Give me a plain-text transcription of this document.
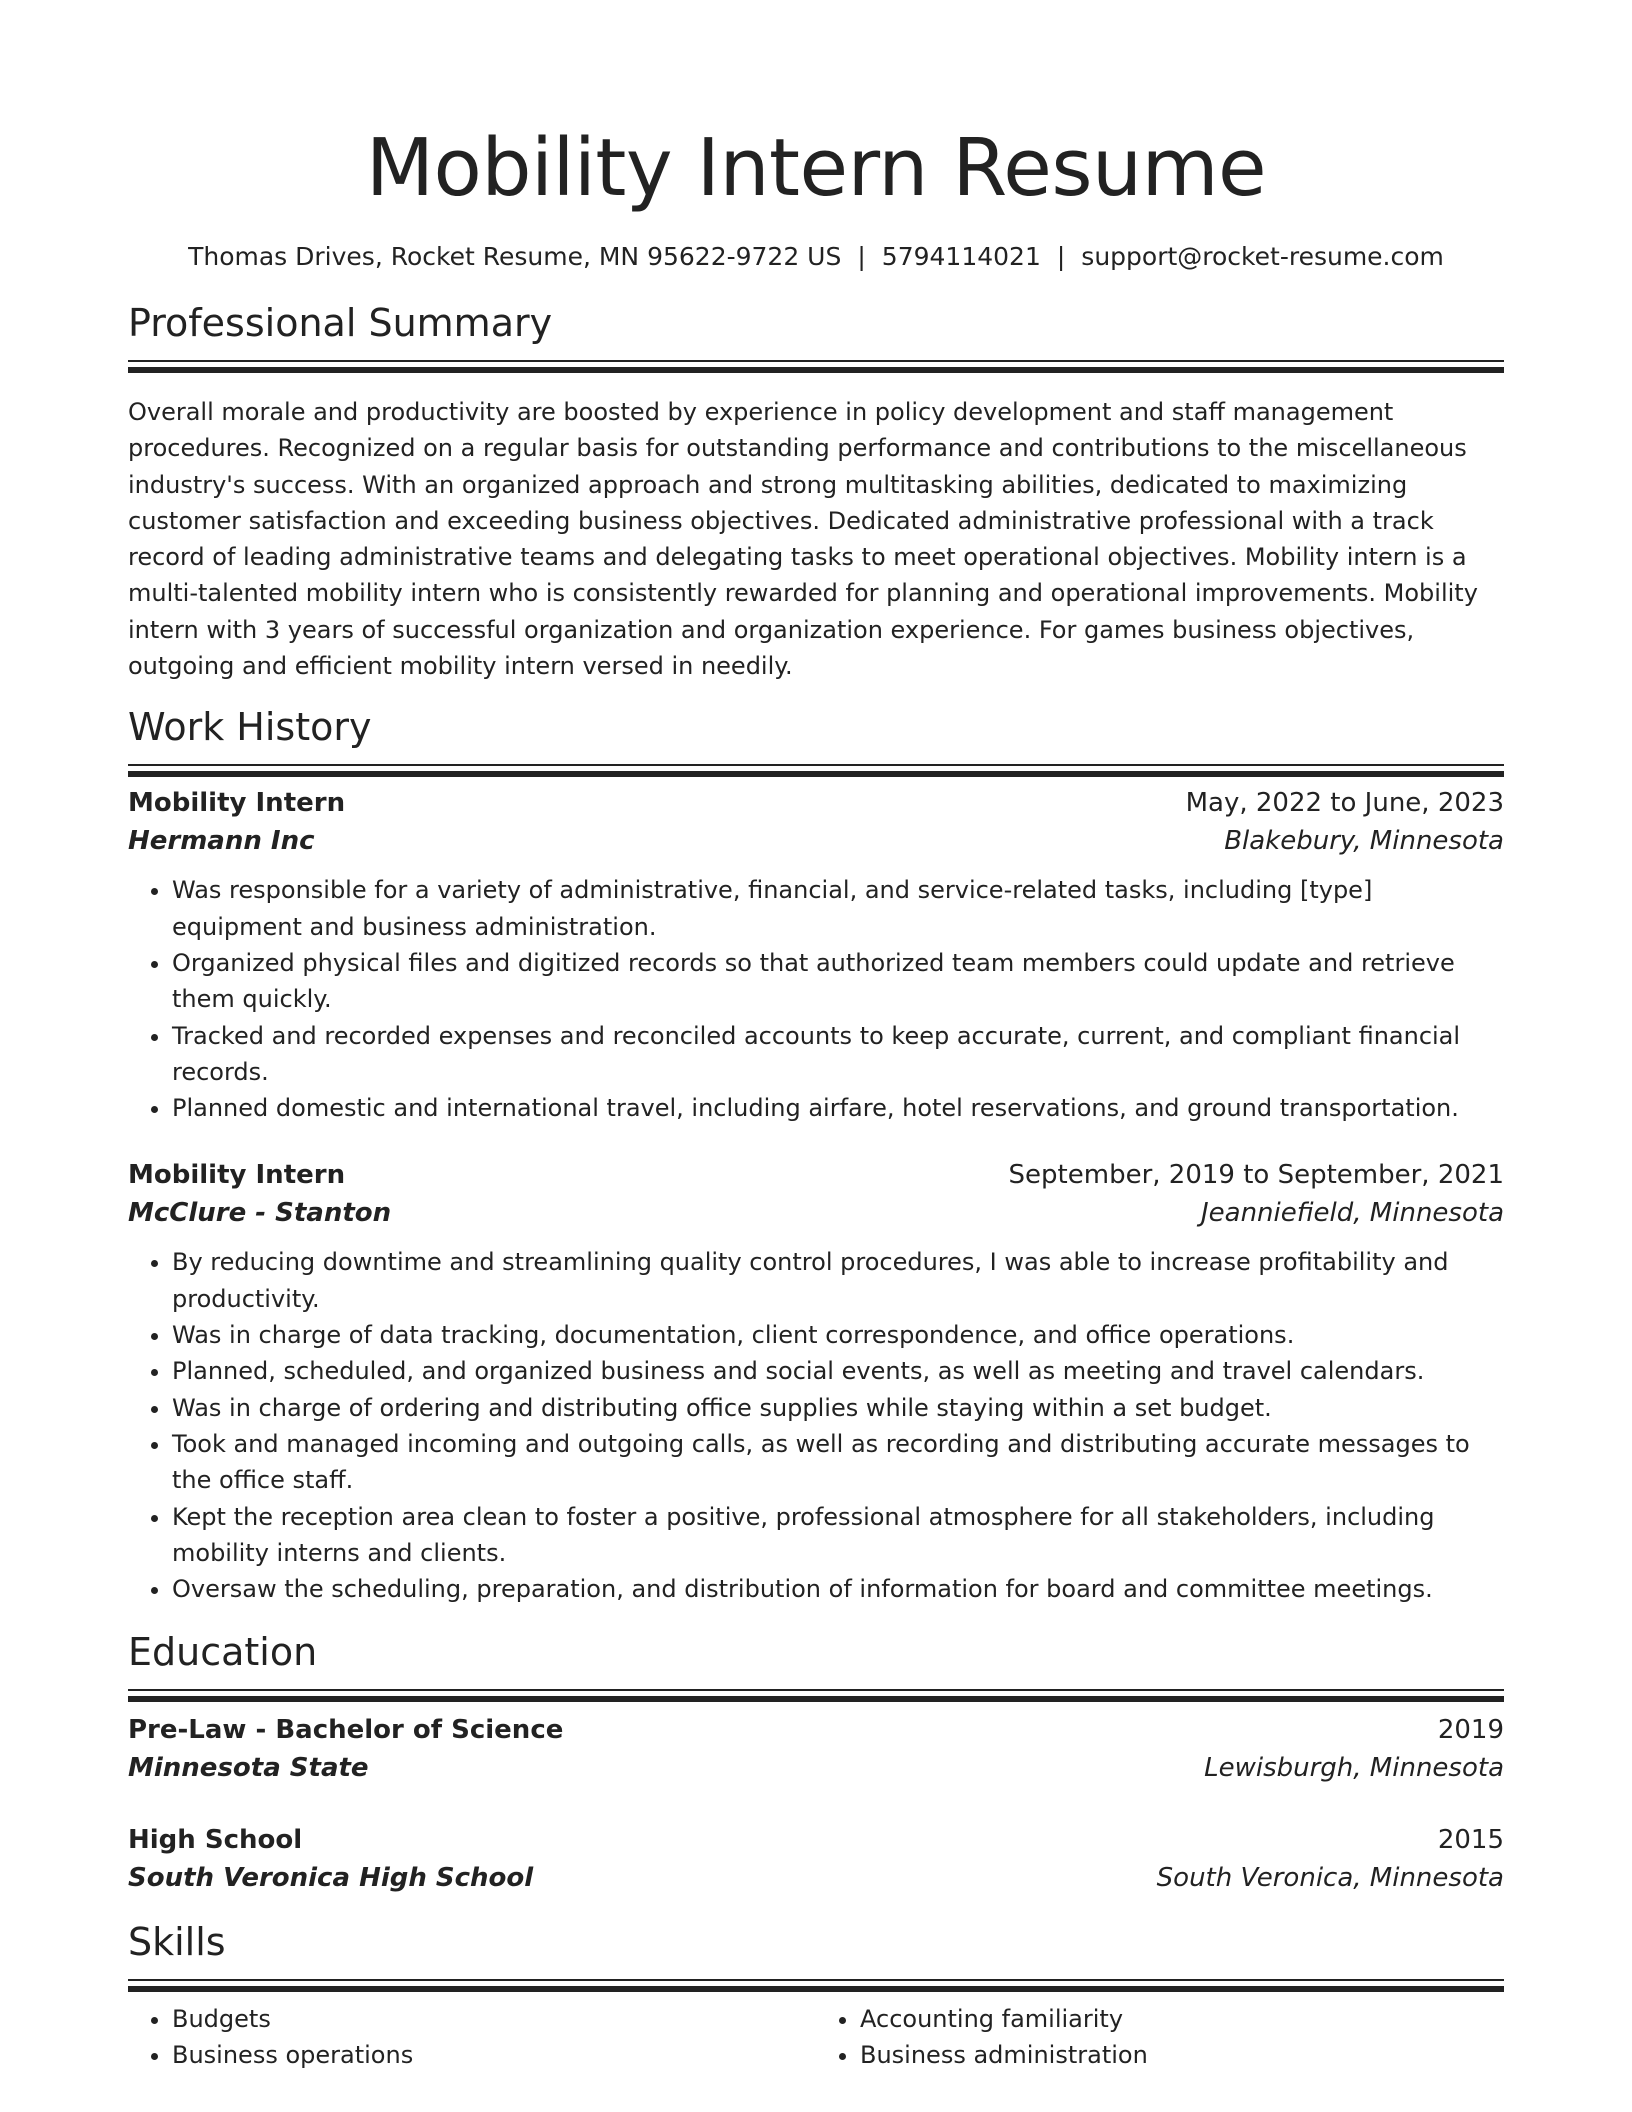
Mobility Intern Resume
Thomas Drives, Rocket Resume, MN 95622-9722 US | 5794114021 | support@rocket-resume.com
Professional Summary

Overall morale and productivity are boosted by experience in policy development and staff management procedures. Recognized on a regular basis for outstanding performance and contributions to the miscellaneous industry's success. With an organized approach and strong multitasking abilities, dedicated to maximizing customer satisfaction and exceeding business objectives. Dedicated administrative professional with a track record of leading administrative teams and delegating tasks to meet operational objectives. Mobility intern is a multi-talented mobility intern who is consistently rewarded for planning and operational improvements. Mobility intern with 3 years of successful organization and organization experience. For games business objectives, outgoing and efficient mobility intern versed in needily.

Work History
Mobility Intern	May, 2022 to June, 2023
Hermann Inc	Blakebury, Minnesota
• Was responsible for a variety of administrative, financial, and service-related tasks, including [type] equipment and business administration.
• Organized physical files and digitized records so that authorized team members could update and retrieve them quickly.
• Tracked and recorded expenses and reconciled accounts to keep accurate, current, and compliant financial records.
• Planned domestic and international travel, including airfare, hotel reservations, and ground transportation.
Mobility Intern	September, 2019 to September, 2021
McClure - Stanton	Jeanniefield, Minnesota
• By reducing downtime and streamlining quality control procedures, I was able to increase profitability and productivity.
• Was in charge of data tracking, documentation, client correspondence, and office operations.
• Planned, scheduled, and organized business and social events, as well as meeting and travel calendars.
• Was in charge of ordering and distributing office supplies while staying within a set budget.
• Took and managed incoming and outgoing calls, as well as recording and distributing accurate messages to the office staff.
• Kept the reception area clean to foster a positive, professional atmosphere for all stakeholders, including mobility interns and clients.
• Oversaw the scheduling, preparation, and distribution of information for board and committee meetings.
Education
Pre-Law - Bachelor of Science	2019
Minnesota State	Lewisburgh, Minnesota
High School	2015
South Veronica High School	South Veronica, Minnesota
Skills
• Budgets
• Business operations
• Accounting familiarity
• Business administration
